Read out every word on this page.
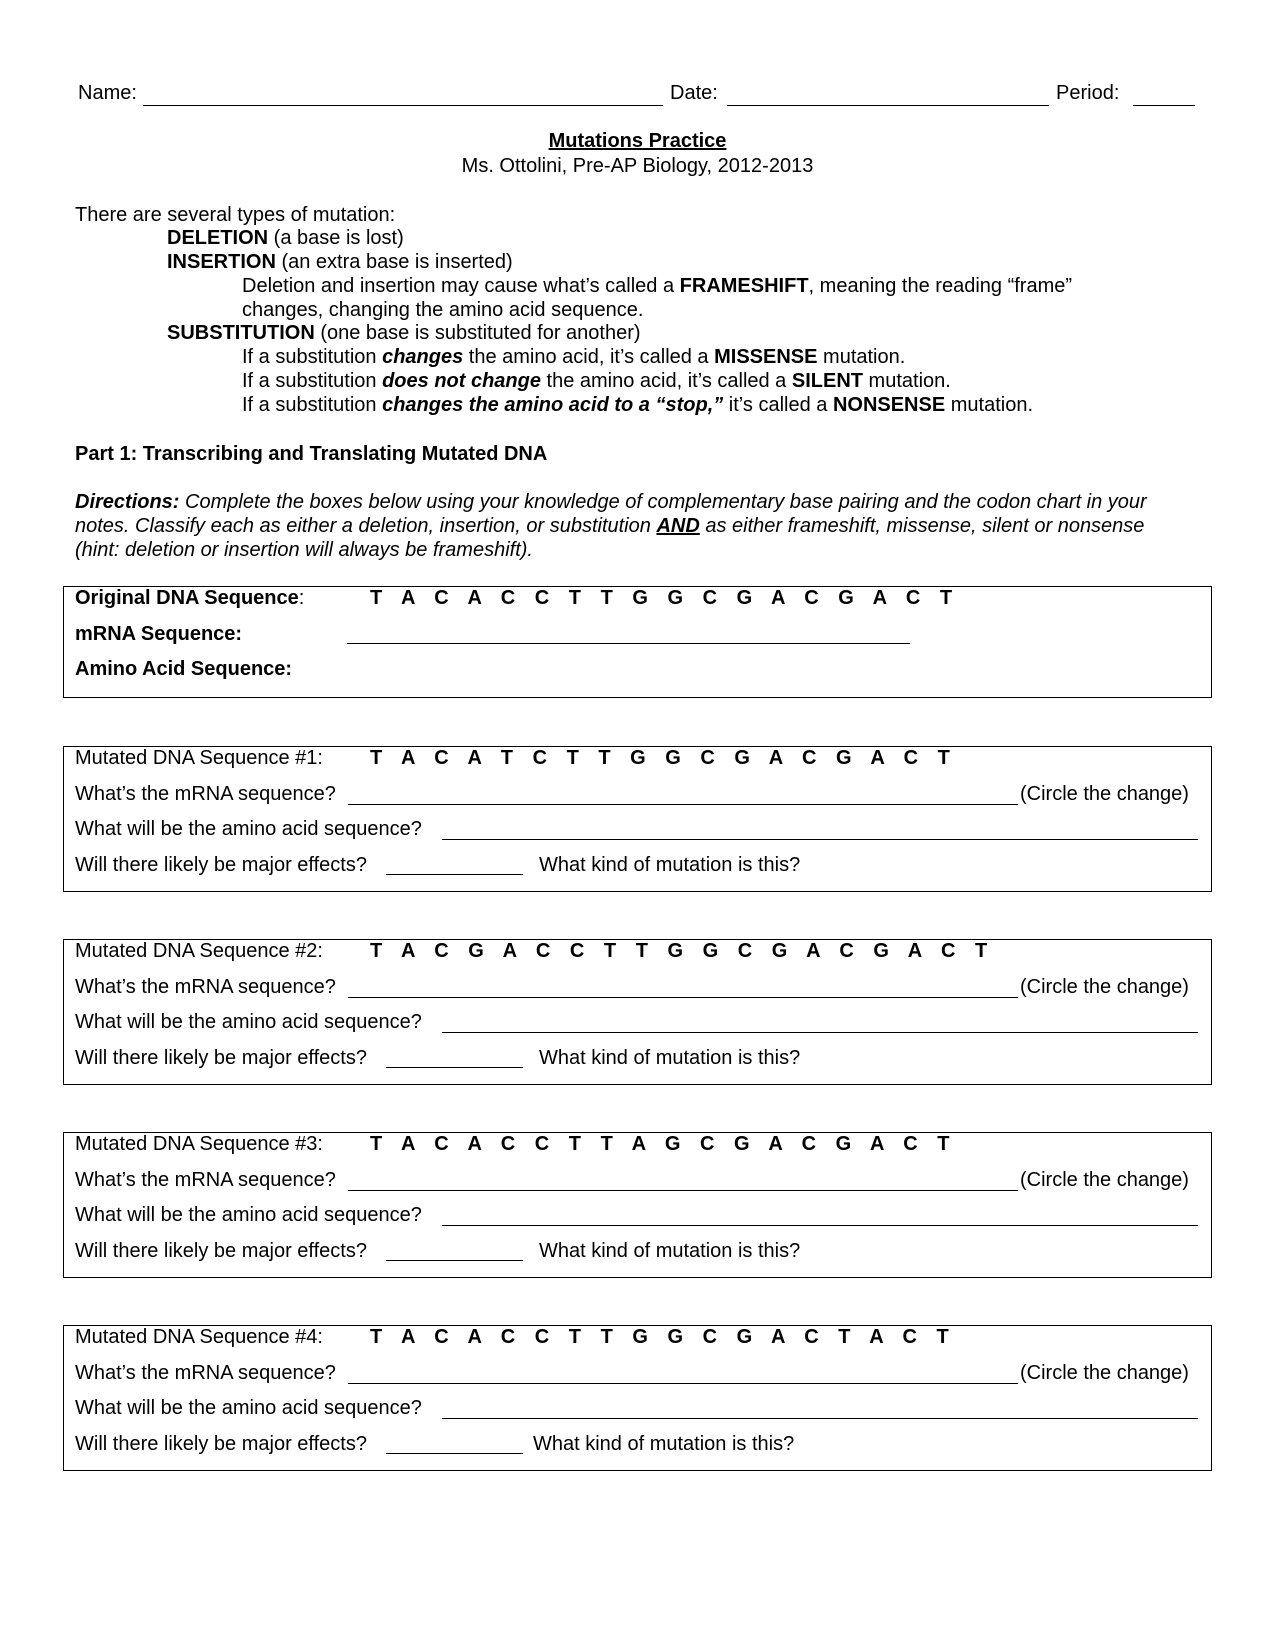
Name:	Date:	Period:
Mutations Practice
Ms. Ottolini, Pre-AP Biology, 2012-2013
There are several types of mutation:
DELETION (a base is lost)
INSERTION (an extra base is inserted)
Deletion and insertion may cause what’s called a FRAMESHIFT, meaning the reading “frame”
changes, changing the amino acid sequence.
SUBSTITUTION (one base is substituted for another)
If a substitution changes the amino acid, it’s called a MISSENSE mutation.
If a substitution does not change the amino acid, it’s called a SILENT mutation.
If a substitution changes the amino acid to a “stop,” it’s called a NONSENSE mutation.
Part 1: Transcribing and Translating Mutated DNA
Directions: Complete the boxes below using your knowledge of complementary base pairing and the codon chart in your
notes. Classify each as either a deletion, insertion, or substitution AND as either frameshift, missense, silent or nonsense
(hint: deletion or insertion will always be frameshift).
Original DNA Sequence:	T A C A C C T T G G C G A C G A C T
mRNA Sequence:
Amino Acid Sequence:
Mutated DNA Sequence #1: T A C A T C T T G G C G A C G A C T
What’s the mRNA sequence?	(Circle the change)
What will be the amino acid sequence?
Will there likely be major effects?	What kind of mutation is this?
Mutated DNA Sequence #2: T A C G A C C T T G G C G A C G A C T
What’s the mRNA sequence?	(Circle the change)
What will be the amino acid sequence?
Will there likely be major effects?	What kind of mutation is this?
Mutated DNA Sequence #3: T A C A C C T T A G C G A C G A C T
What’s the mRNA sequence?	(Circle the change)
What will be the amino acid sequence?
Will there likely be major effects?	What kind of mutation is this?
Mutated DNA Sequence #4: T A C A C C T T G G C G A C T A C T
What’s the mRNA sequence?	(Circle the change)
What will be the amino acid sequence?
Will there likely be major effects?	What kind of mutation is this?
